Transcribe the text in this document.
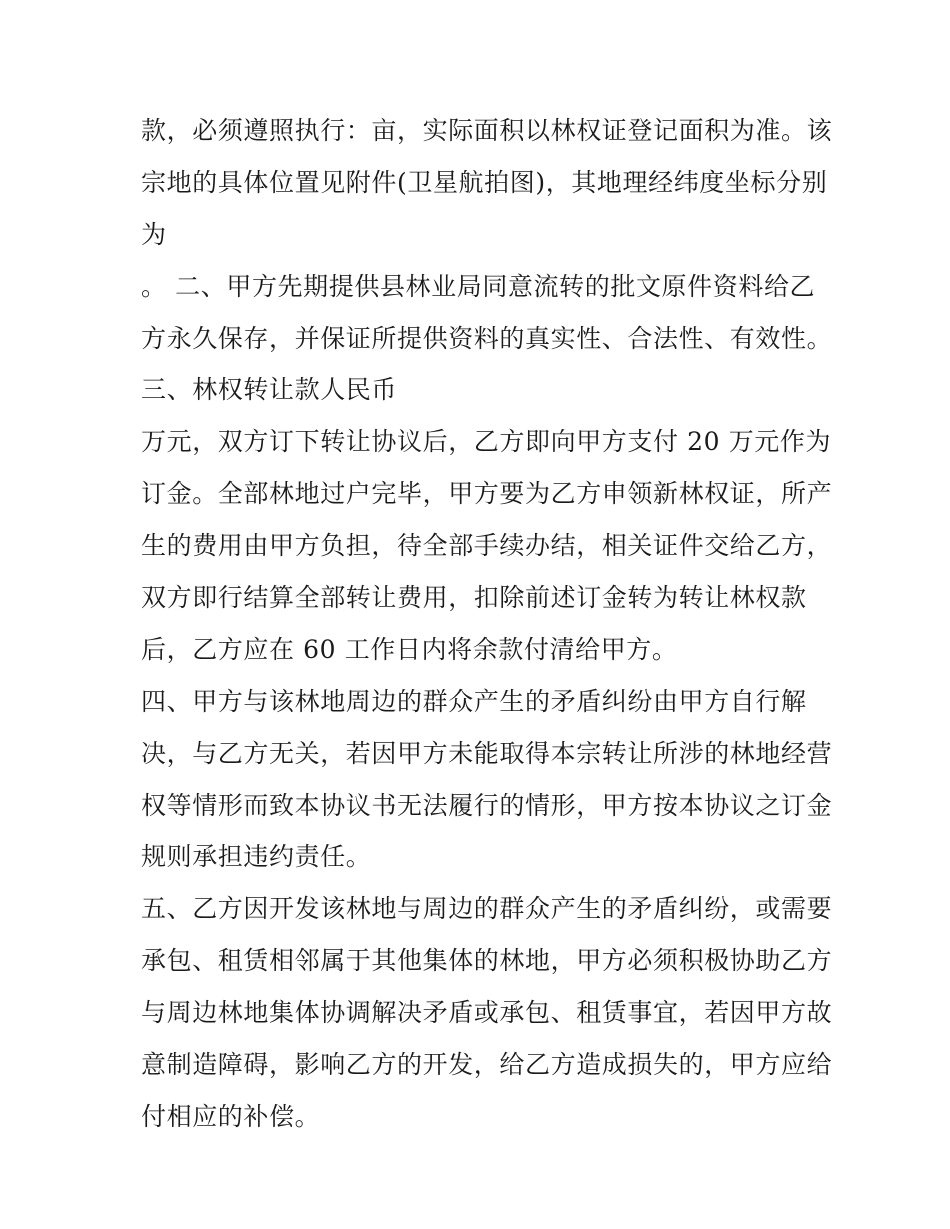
款，必须遵照执行：亩，实际面积以林权证登记面积为准。该
宗地的具体位置见附件(卫星航拍图)，其地理经纬度坐标分别
为
。 二、甲方先期提供县林业局同意流转的批文原件资料给乙
方永久保存，并保证所提供资料的真实性、合法性、有效性。
三、林权转让款人民币
万元，双方订下转让协议后，乙方即向甲方支付 20 万元作为
订金。全部林地过户完毕，甲方要为乙方申领新林权证，所产
生的费用由甲方负担，待全部手续办结，相关证件交给乙方，
双方即行结算全部转让费用，扣除前述订金转为转让林权款
后，乙方应在 60 工作日内将余款付清给甲方。
四、甲方与该林地周边的群众产生的矛盾纠纷由甲方自行解
决，与乙方无关，若因甲方未能取得本宗转让所涉的林地经营
权等情形而致本协议书无法履行的情形，甲方按本协议之订金
规则承担违约责任。
五、乙方因开发该林地与周边的群众产生的矛盾纠纷，或需要
承包、租赁相邻属于其他集体的林地，甲方必须积极协助乙方
与周边林地集体协调解决矛盾或承包、租赁事宜，若因甲方故
意制造障碍，影响乙方的开发，给乙方造成损失的，甲方应给
付相应的补偿。
